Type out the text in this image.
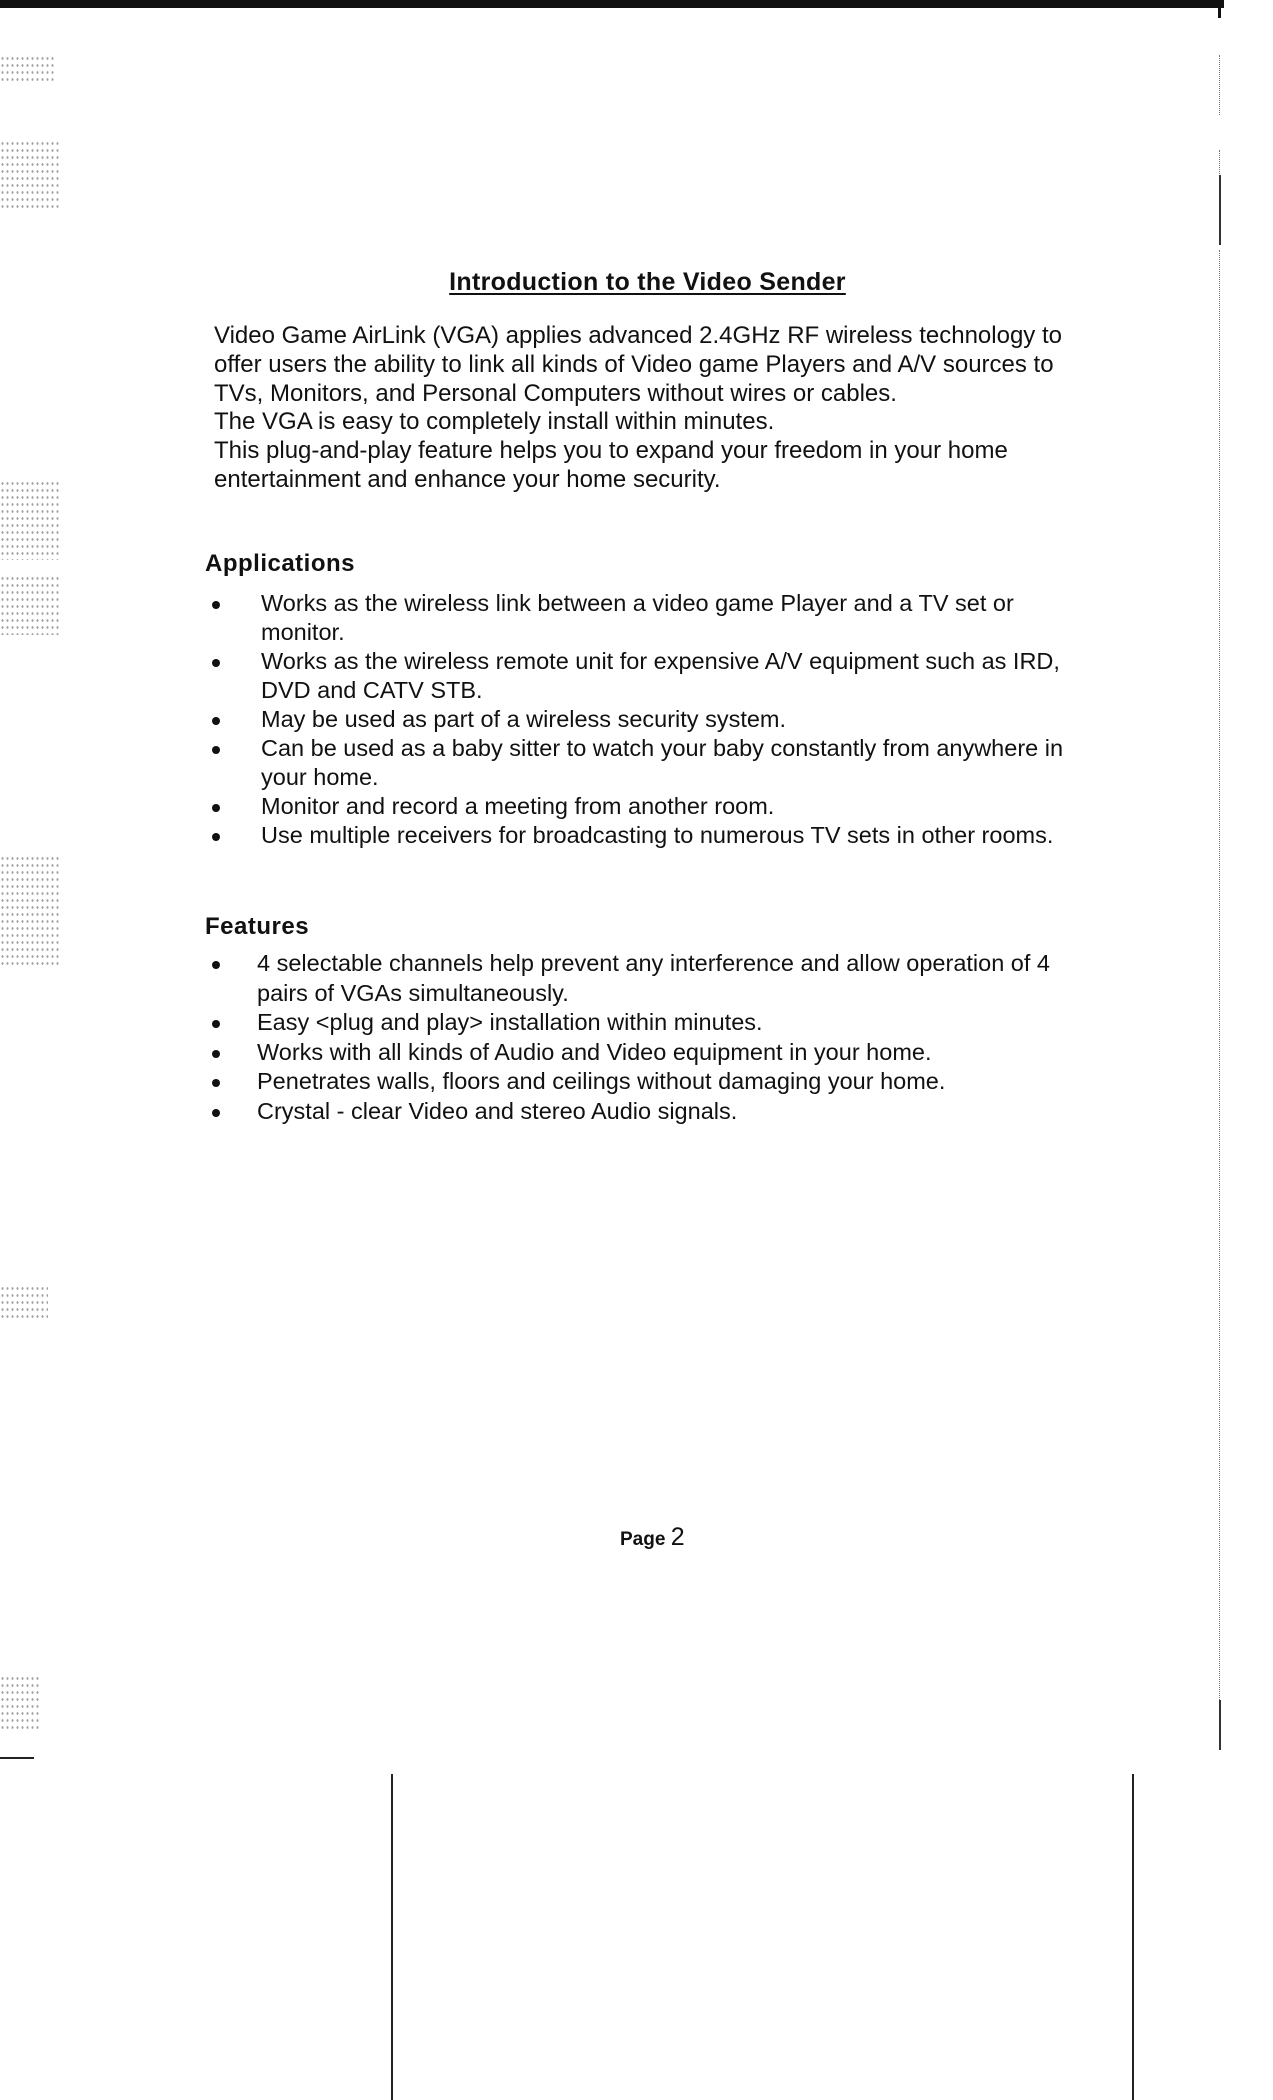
Introduction to the Video Sender

Video Game AirLink (VGA) applies advanced 2.4GHz RF wireless technology to offer users the ability to link all kinds of Video game Players and A/V sources to TVs, Monitors, and Personal Computers without wires or cables.

The VGA is easy to completely install within minutes.

This plug-and-play feature helps you to expand your freedom in your home entertainment and enhance your home security.

Applications
Works as the wireless link between a video game Player and a TV set or monitor.
Works as the wireless remote unit for expensive A/V equipment such as IRD, DVD and CATV STB.
May be used as part of a wireless security system.
Can be used as a baby sitter to watch your baby constantly from anywhere in your home.
Monitor and record a meeting from another room.
Use multiple receivers for broadcasting to numerous TV sets in other rooms.
Features
4 selectable channels help prevent any interference and allow operation of 4 pairs of VGAs simultaneously.
Easy <plug and play> installation within minutes.
Works with all kinds of Audio and Video equipment in your home.
Penetrates walls, floors and ceilings without damaging your home.
Crystal - clear Video and stereo Audio signals.
Page 2
